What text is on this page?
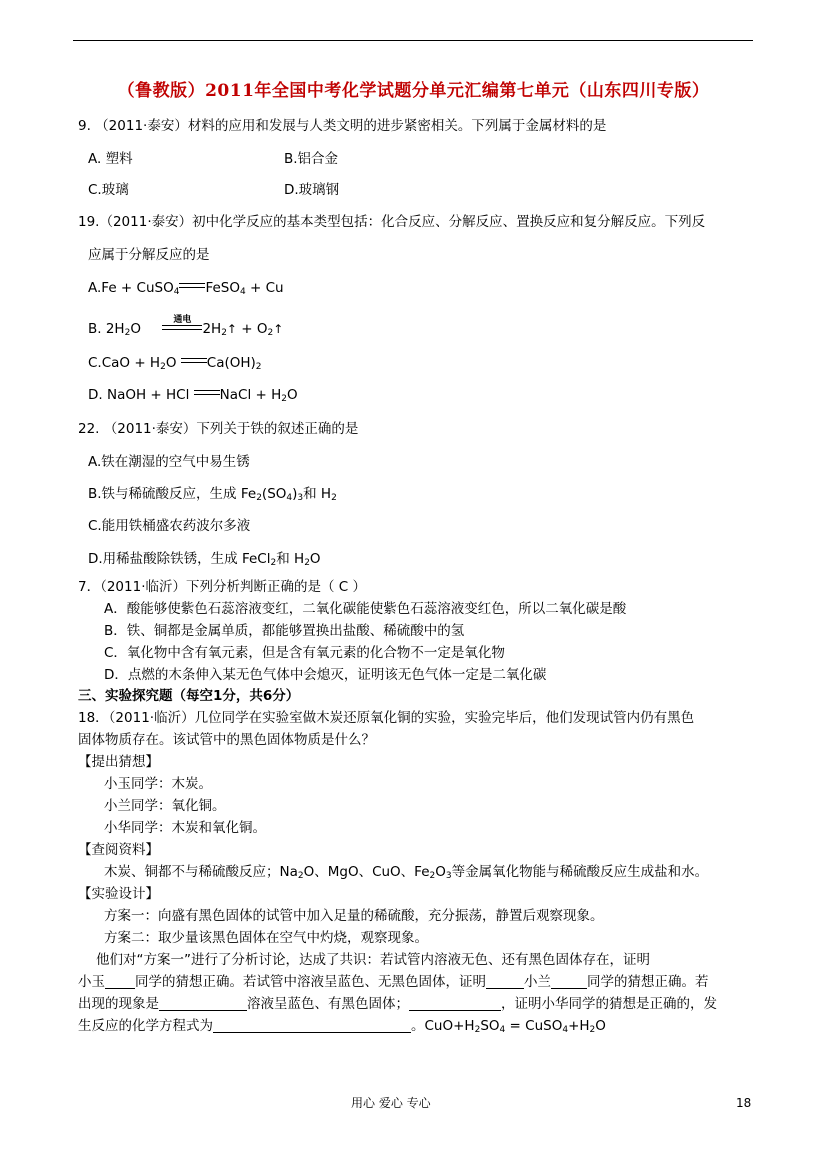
（鲁教版）2011年全国中考化学试题分单元汇编第七单元（山东四川专版）
9. （2011·泰安）材料的应用和发展与人类文明的进步紧密相关。下列属于金属材料的是
A. 塑料	B.铝合金
C.玻璃	D.玻璃钢
19.（2011·泰安）初中化学反应的基本类型包括：化合反应、分解反应、置换反应和复分解反应。下列反
应属于分解反应的是
A.Fe + CuSO$_4$ FeSO$_4$ + Cu
B. $2H_2O$
通电
$2H_2↑$ + $O_2↑$
$C.CaO + H_2O$ $Ca(OH)_2$
D. NaOH + HCl NaCl + $H_2O$
22. （2011·泰安）下列关于铁的叙述正确的是
A.铁在潮湿的空气中易生锈
B.铁与稀硫酸反应，生成 $Fe_2(SO_4)_3$和 $H_2$
C.能用铁桶盛农药波尔多液
D.用稀盐酸除铁锈，生成 FeCl$_2$和 $H_2O$
7．（2011·临沂）下列分析判断正确的是（ C ）
A．酸能够使紫色石蕊溶液变红，二氧化碳能使紫色石蕊溶液变红色，所以二氧化碳是酸
B．铁、铜都是金属单质，都能够置换出盐酸、稀硫酸中的氢
C．氧化物中含有氧元素，但是含有氧元素的化合物不一定是氧化物
D．点燃的木条伸入某无色气体中会熄灭，证明该无色气体一定是二氧化碳
三、实验探究题（每空1分，共6分）
18．（2011·临沂）几位同学在实验室做木炭还原氧化铜的实验，实验完毕后，他们发现试管内仍有黑色
固体物质存在。该试管中的黑色固体物质是什么？
【提出猜想】
小玉同学：木炭。
小兰同学：氧化铜。
小华同学：木炭和氧化铜。
【查阅资料】
木炭、铜都不与稀硫酸反应；$Na_2O$、MgO、CuO、$Fe_2O_3$等金属氧化物能与稀硫酸反应生成盐和水。
【实验设计】
方案一：向盛有黑色固体的试管中加入足量的稀硫酸，充分振荡，静置后观察现象。
方案二：取少量该黑色固体在空气中灼烧，观察现象。
他们对“方案一”进行了分析讨论，达成了共识：若试管内溶液无色、还有黑色固体存在，证明
小玉 同学的猜想正确。若试管中溶液呈蓝色、无黑色固体，证明	小兰	同学的猜想正确。若
出现的现象是	溶液呈蓝色、有黑色固体；	，证明小华同学的猜想是正确的，发
生反应的化学方程式为	。$CuO+H_2SO_4$ = $CuSO_4+H_2O$
用心 爱心 专心	18
